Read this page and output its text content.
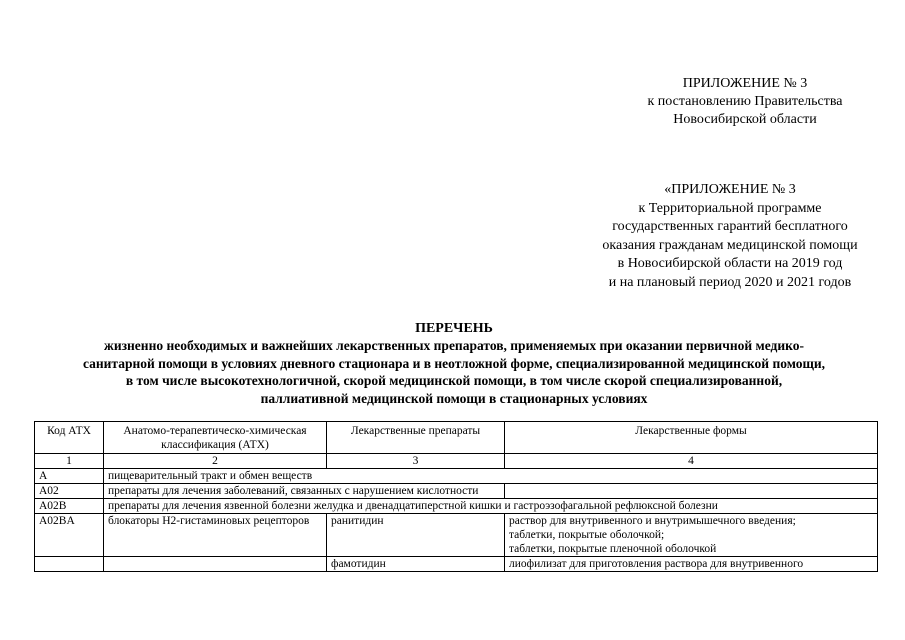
ПРИЛОЖЕНИЕ № 3
к постановлению Правительства
Новосибирской области
«ПРИЛОЖЕНИЕ № 3
к Территориальной программе
государственных гарантий бесплатного
оказания гражданам медицинской помощи
в Новосибирской области на 2019 год
и на плановый период 2020 и 2021 годов
ПЕРЕЧЕНЬ
жизненно необходимых и важнейших лекарственных препаратов, применяемых при оказании первичной медико-
санитарной помощи в условиях дневного стационара и в неотложной форме, специализированной медицинской помощи,
в том числе высокотехнологичной, скорой медицинской помощи, в том числе скорой специализированной,
паллиативной медицинской помощи в стационарных условиях
Код АТХ	Анатомо-терапевтическо-химическая классификация (АТХ)	Лекарственные препараты	Лекарственные формы
1	2	3	4
A	пищеварительный тракт и обмен веществ		
A02	препараты для лечения заболеваний, связанных с нарушением кислотности		
A02B	препараты для лечения язвенной болезни желудка и двенадцатиперстной кишки и гастроэзофагальной рефлюксной болезни		
A02BA	блокаторы H2-гистаминовых рецепторов	ранитидин	раствор для внутривенного и внутримышечного введения;
таблетки, покрытые оболочкой;
таблетки, покрытые пленочной оболочкой

		фамотидин	лиофилизат для приготовления раствора для внутривенного
